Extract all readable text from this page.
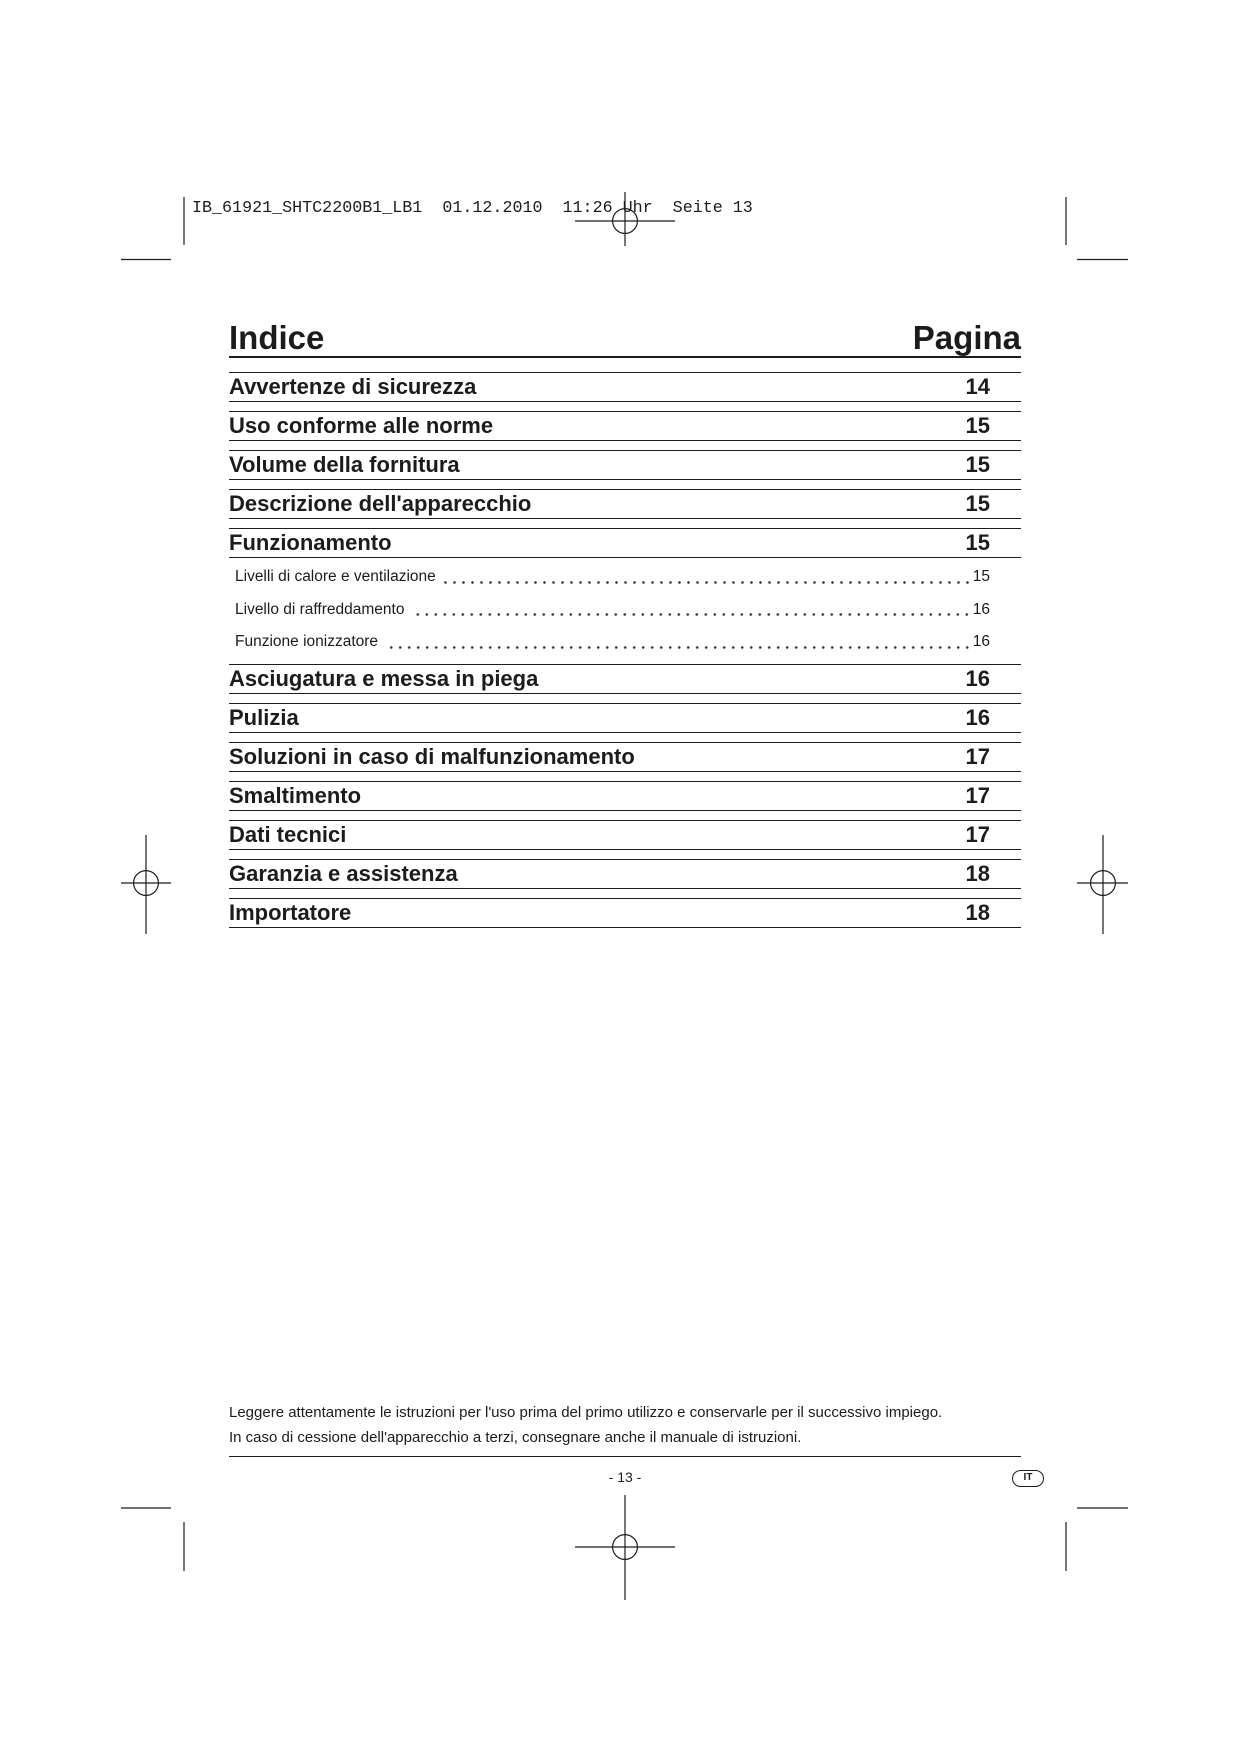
IB_61921_SHTC2200B1_LB1  01.12.2010  11:26 Uhr  Seite 13
Indice	Pagina
Avvertenze di sicurezza	14
Uso conforme alle norme	15
Volume della fornitura	15
Descrizione dell'apparecchio	15
Funzionamento	15
Livelli di calore e ventilazione	15
Livello di raffreddamento	16
Funzione ionizzatore	16
Asciugatura e messa in piega	16
Pulizia	16
Soluzioni in caso di malfunzionamento	17
Smaltimento	17
Dati tecnici	17
Garanzia e assistenza	18
Importatore	18
Leggere attentamente le istruzioni per l'uso prima del primo utilizzo e conservarle per il successivo impiego.
In caso di cessione dell'apparecchio a terzi, consegnare anche il manuale di istruzioni.
- 13 -	IT
